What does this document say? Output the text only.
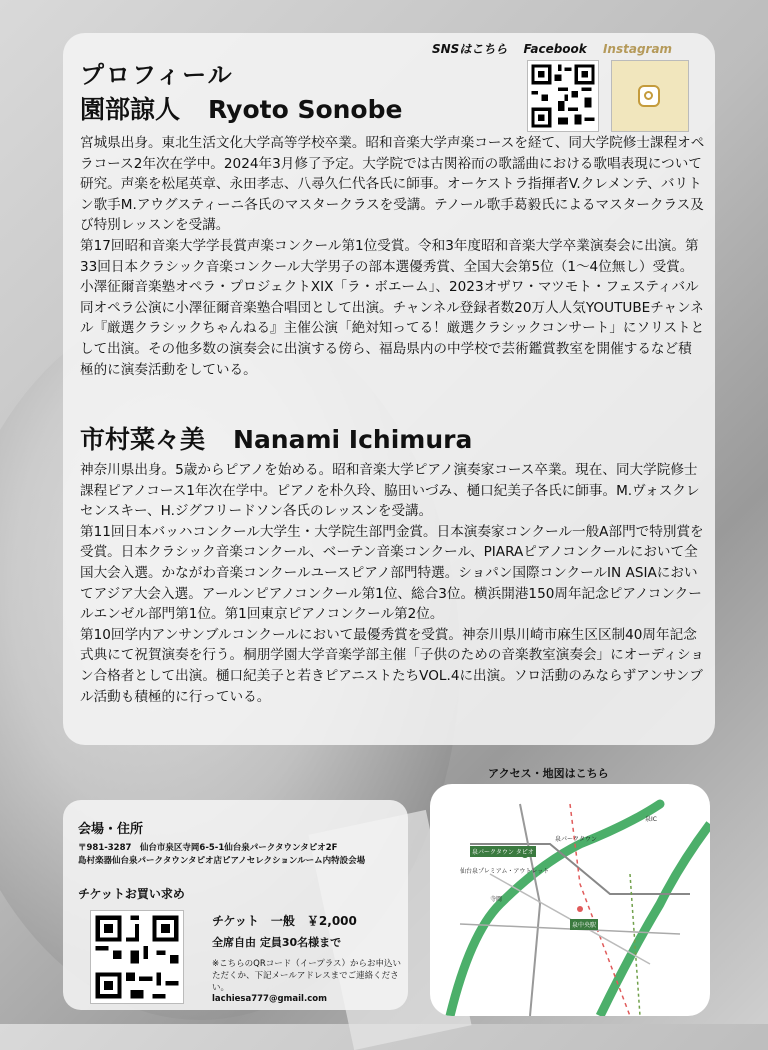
プロフィール
SNSはこちら Facebook Instagram
園部諒人 Ryoto Sonobe

宮城県出身。東北生活文化大学高等学校卒業。昭和音楽大学声楽コースを経て、同大学院修士課程オペラコース2年次在学中。2024年3月修了予定。大学院では古関裕而の歌謡曲における歌唱表現について研究。声楽を松尾英章、永田孝志、八尋久仁代各氏に師事。オーケストラ指揮者V.クレメンテ、バリトン歌手M.アウグスティーニ各氏のマスタークラスを受講。テノール歌手葛毅氏によるマスタークラス及び特別レッスンを受講。
第17回昭和音楽大学学長賞声楽コンクール第1位受賞。令和3年度昭和音楽大学卒業演奏会に出演。第33回日本クラシック音楽コンクール大学男子の部本選優秀賞、全国大会第5位（1〜4位無し）受賞。小澤征爾音楽塾オペラ・プロジェクトXIX「ラ・ボエーム」、2023オザワ・マツモト・フェスティバル同オペラ公演に小澤征爾音楽塾合唱団として出演。チャンネル登録者数20万人人気YOUTUBEチャンネル『厳選クラシックちゃんねる』主催公演「絶対知ってる！厳選クラシックコンサート」にソリストとして出演。その他多数の演奏会に出演する傍ら、福島県内の中学校で芸術鑑賞教室を開催するなど積極的に演奏活動をしている。

市村菜々美 Nanami Ichimura

神奈川県出身。5歳からピアノを始める。昭和音楽大学ピアノ演奏家コース卒業。現在、同大学院修士課程ピアノコース1年次在学中。ピアノを朴久玲、脇田いづみ、樋口紀美子各氏に師事。M.ヴォスクレセンスキー、H.ジグフリードソン各氏のレッスンを受講。
第11回日本バッハコンクール大学生・大学院生部門金賞。日本演奏家コンクール一般A部門で特別賞を受賞。日本クラシック音楽コンクール、ベーテン音楽コンクール、PIARAピアノコンクールにおいて全国大会入選。かながわ音楽コンクールユースピアノ部門特選。ショパン国際コンクールIN ASIAにおいてアジア大会入選。アールンピアノコンクール第1位、総合3位。横浜開港150周年記念ピアノコンクールエンゼル部門第1位。第1回東京ピアノコンクール第2位。
第10回学内アンサンブルコンクールにおいて最優秀賞を受賞。神奈川県川崎市麻生区区制40周年記念式典にて祝賀演奏を行う。桐朋学園大学音楽学部主催「子供のための音楽教室演奏会」にオーディション合格者として出演。樋口紀美子と若きピアニストたちVOL.4に出演。ソロ活動のみならずアンサンブル活動も積極的に行っている。

会場・住所
〒981-3287　仙台市泉区寺岡6-5-1仙台泉パークタウンタピオ2F
島村楽器仙台泉パークタウンタピオ店ピアノセレクションルーム内特設会場
チケットお買い求め
チケット　一般　￥2,000
全席自由 定員30名様まで
※こちらのQRコード（イープラス）からお申込いただくか、下記メールアドレスまでご連絡ください。
lachiesa777@gmail.com
アクセス・地図はこちら
泉パークタウン タピオ
仙台泉プレミアム・アウトレット
泉パークタウン
泉中央駅
泉IC
寺岡
